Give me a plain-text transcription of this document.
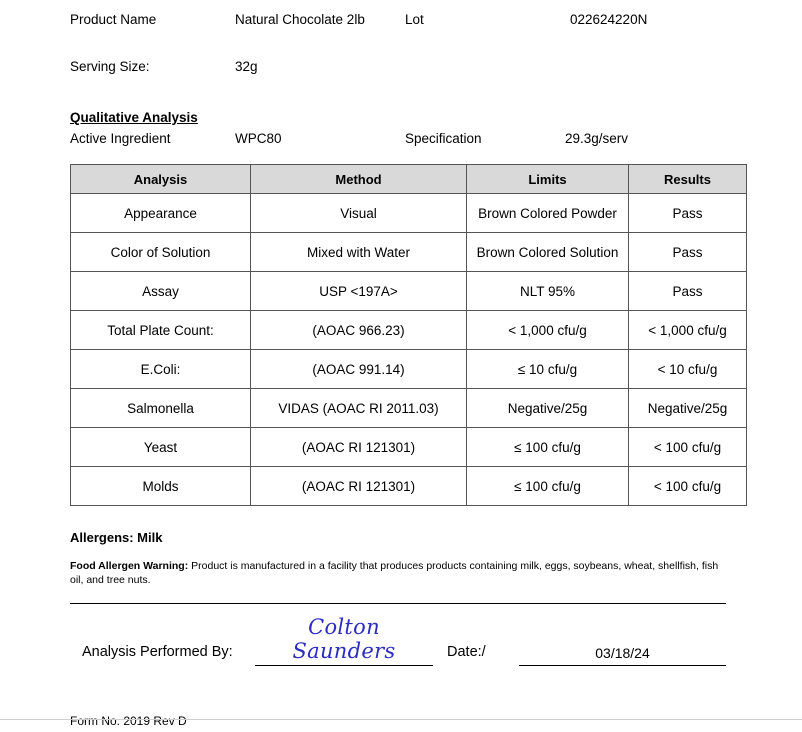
Product Name	Natural Chocolate 2lb	Lot	022624220N
Serving Size:	32g
Qualitative Analysis
Active Ingredient	WPC80	Specification	29.3g/serv
Analysis	Method	Limits	Results
Appearance	Visual	Brown Colored Powder	Pass
Color of Solution	Mixed with Water	Brown Colored Solution	Pass
Assay	USP <197A>	NLT 95%	Pass
Total Plate Count:	(AOAC 966.23)	< 1,000 cfu/g	< 1,000 cfu/g
E.Coli:	(AOAC 991.14)	≤ 10 cfu/g	< 10 cfu/g
Salmonella	VIDAS (AOAC RI 2011.03)	Negative/25g	Negative/25g
Yeast	(AOAC RI 121301)	≤ 100 cfu/g	< 100 cfu/g
Molds	(AOAC RI 121301)	≤ 100 cfu/g	< 100 cfu/g
Allergens: Milk
Food Allergen Warning: Product is manufactured in a facility that produces products containing milk, eggs, soybeans, wheat, shellfish, fish oil, and tree nuts.
Analysis Performed By:
Colton Saunders	Date:/	03/18/24
Form No. 2019 Rev D
